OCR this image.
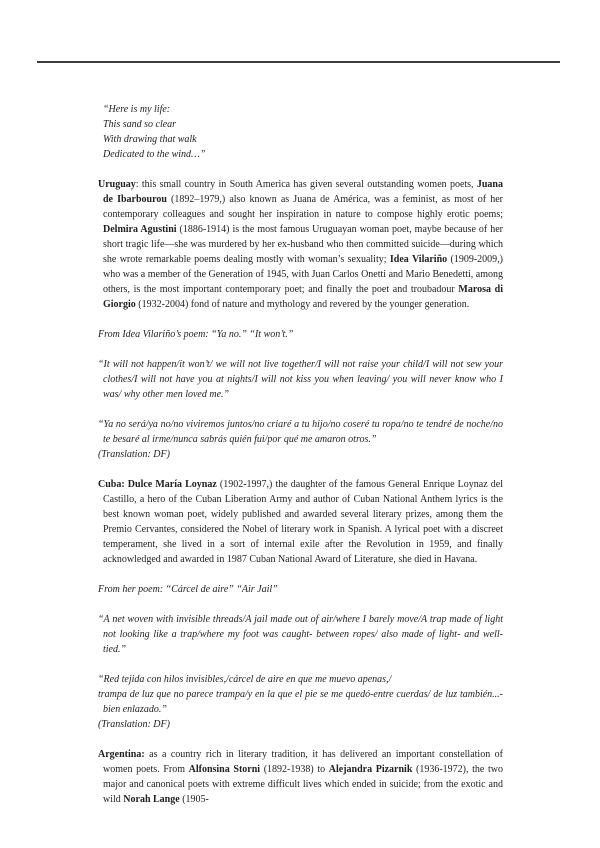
“Here is my life:
This sand so clear
With drawing that walk
Dedicated to the wind…”
Uruguay: this small country in South America has given several outstanding women poets, Juana de Ibarbourou (1892–1979,) also known as Juana de América, was a feminist, as most of her contemporary colleagues and sought her inspiration in nature to compose highly erotic poems; Delmira Agustini (1886-1914) is the most famous Uruguayan woman poet, maybe because of her short tragic life—she was murdered by her ex-husband who then committed suicide—during which she wrote remarkable poems dealing mostly with woman’s sexuality; Idea Vilariño (1909-2009,) who was a member of the Generation of 1945, with Juan Carlos Onetti and Mario Benedetti, among others, is the most important contemporary poet; and finally the poet and troubadour Marosa di Giorgio (1932-2004) fond of nature and mythology and revered by the younger generation.
From Idea Vilariño’s poem: “Ya no.” “It won’t.”
“It will not happen/it won’t/ we will not live together/I will not raise your child/I will not sew your clothes/I will not have you at nights/I will not kiss you when leaving/ you will never know who I was/ why other men loved me.”
“Ya no será/ya no/no viviremos juntos/no criaré a tu hijo/no coseré tu ropa/no te tendré de noche/no te besaré al irme/nunca sabrás quién fui/por qué me amaron otros.”
(Translation: DF)
Cuba: Dulce María Loynaz (1902-1997,) the daughter of the famous General Enrique Loynaz del Castillo, a hero of the Cuban Liberation Army and author of Cuban National Anthem lyrics is the best known woman poet, widely published and awarded several literary prizes, among them the Premio Cervantes, considered the Nobel of literary work in Spanish. A lyrical poet with a discreet temperament, she lived in a sort of internal exile after the Revolution in 1959, and finally acknowledged and awarded in 1987 Cuban National Award of Literature, she died in Havana.
From her poem: “Cárcel de aire” “Air Jail”
“A net woven with invisible threads/A jail made out of air/where I barely move/A trap made of light not looking like a trap/where my foot was caught- between ropes/ also made of light- and well-tied.”
“Red tejida con hilos invisibles,/cárcel de aire en que me muevo apenas,/
trampa de luz que no parece trampa/y en la que el pie se me quedó-entre cuerdas/ de luz también...-bien enlazado.”
(Translation: DF)
Argentina: as a country rich in literary tradition, it has delivered an important constellation of women poets. From Alfonsina Storni (1892-1938) to Alejandra Pizarnik (1936-1972), the two major and canonical poets with extreme difficult lives which ended in suicide; from the exotic and wild Norah Lange (1905-
